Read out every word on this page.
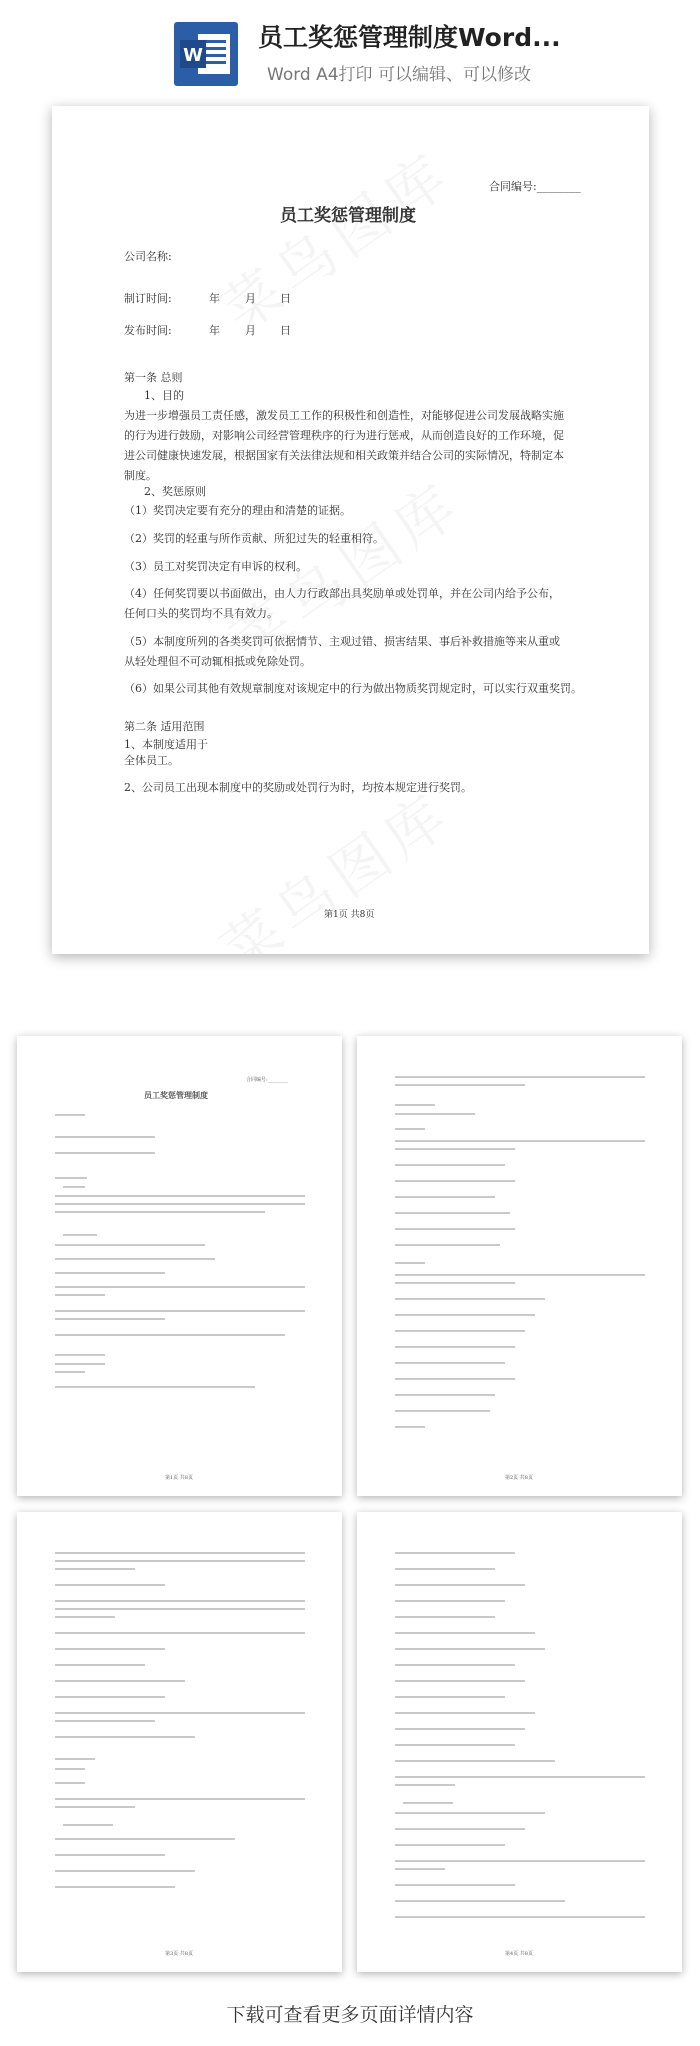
W
员工奖惩管理制度Word...
Word A4打印 可以编辑、可以修改
合同编号:________
员工奖惩管理制度
公司名称:
制订时间:	年 月 日
发布时间:	年 月 日
第一条 总则
1、目的
为进一步增强员工责任感，激发员工工作的积极性和创造性，对能够促进公司发展战略实施的行为进行鼓励，对影响公司经营管理秩序的行为进行惩戒，从而创造良好的工作环境，促进公司健康快速发展，根据国家有关法律法规和相关政策并结合公司的实际情况，特制定本制度。
2、奖惩原则
（1）奖罚决定要有充分的理由和清楚的证据。
（2）奖罚的轻重与所作贡献、所犯过失的轻重相符。
（3）员工对奖罚决定有申诉的权利。
（4）任何奖罚要以书面做出，由人力行政部出具奖励单或处罚单，并在公司内给予公布，任何口头的奖罚均不具有效力。
（5）本制度所列的各类奖罚可依据情节、主观过错、损害结果、事后补救措施等来从重或从轻处理但不可动辄相抵或免除处罚。
（6）如果公司其他有效规章制度对该规定中的行为做出物质奖罚规定时，可以实行双重奖罚。
第二条 适用范围
1、本制度适用于
全体员工。
2、公司员工出现本制度中的奖励或处罚行为时，均按本规定进行奖罚。
第1页 共8页
合同编号:________
员工奖惩管理制度
第1页 共8页	第2页 共8页
第3页 共8页	第4页 共8页
下载可查看更多页面详情内容
